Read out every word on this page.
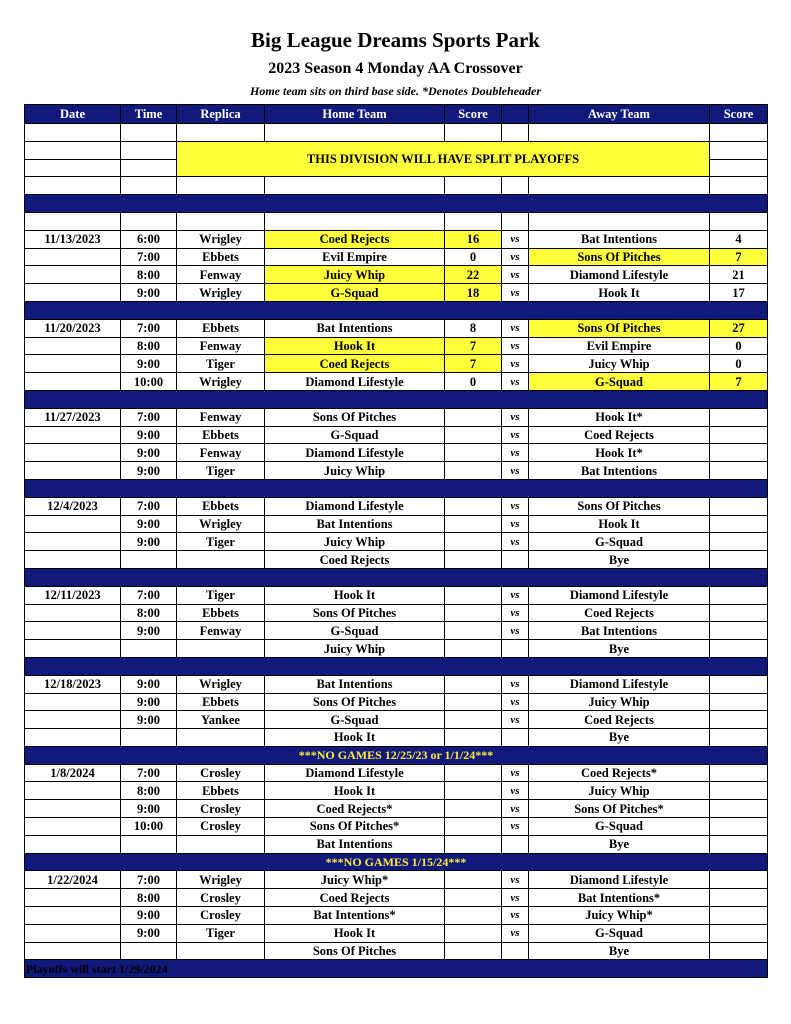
Big League Dreams Sports Park
2023 Season 4 Monday AA Crossover

Home team sits on third base side. *Denotes Doubleheader

Date	Time	Replica	Home Team	Score		Away Team	Score

		THIS DIVISION WILL HAVE SPLIT PLAYOFFS					

11/13/2023	6:00	Wrigley	Coed Rejects	16	vs	Bat Intentions	4
	7:00	Ebbets	Evil Empire	0	vs	Sons Of Pitches	7
	8:00	Fenway	Juicy Whip	22	vs	Diamond Lifestyle	21
	9:00	Wrigley	G-Squad	18	vs	Hook It	17

11/20/2023	7:00	Ebbets	Bat Intentions	8	vs	Sons Of Pitches	27
	8:00	Fenway	Hook It	7	vs	Evil Empire	0
	9:00	Tiger	Coed Rejects	7	vs	Juicy Whip	0
	10:00	Wrigley	Diamond Lifestyle	0	vs	G-Squad	7

11/27/2023	7:00	Fenway	Sons Of Pitches		vs	Hook It*	
	9:00	Ebbets	G-Squad		vs	Coed Rejects	
	9:00	Fenway	Diamond Lifestyle		vs	Hook It*	
	9:00	Tiger	Juicy Whip		vs	Bat Intentions	

12/4/2023	7:00	Ebbets	Diamond Lifestyle		vs	Sons Of Pitches	
	9:00	Wrigley	Bat Intentions		vs	Hook It	
	9:00	Tiger	Juicy Whip		vs	G-Squad	
			Coed Rejects			Bye	

12/11/2023	7:00	Tiger	Hook It		vs	Diamond Lifestyle	
	8:00	Ebbets	Sons Of Pitches		vs	Coed Rejects	
	9:00	Fenway	G-Squad		vs	Bat Intentions	
			Juicy Whip			Bye	

12/18/2023	9:00	Wrigley	Bat Intentions		vs	Diamond Lifestyle	
	9:00	Ebbets	Sons Of Pitches		vs	Juicy Whip	
	9:00	Yankee	G-Squad		vs	Coed Rejects	
			Hook It			Bye	
***NO GAMES 12/25/23 or 1/1/24***							
1/8/2024	7:00	Crosley	Diamond Lifestyle		vs	Coed Rejects*	
	8:00	Ebbets	Hook It		vs	Juicy Whip	
	9:00	Crosley	Coed Rejects*		vs	Sons Of Pitches*	
	10:00	Crosley	Sons Of Pitches*		vs	G-Squad	
			Bat Intentions			Bye	
***NO GAMES 1/15/24***							
1/22/2024	7:00	Wrigley	Juicy Whip*		vs	Diamond Lifestyle	
	8:00	Crosley	Coed Rejects		vs	Bat Intentions*	
	9:00	Crosley	Bat Intentions*		vs	Juicy Whip*	
	9:00	Tiger	Hook It		vs	G-Squad	
			Sons Of Pitches			Bye	

Playoffs will start 1/29/2024
